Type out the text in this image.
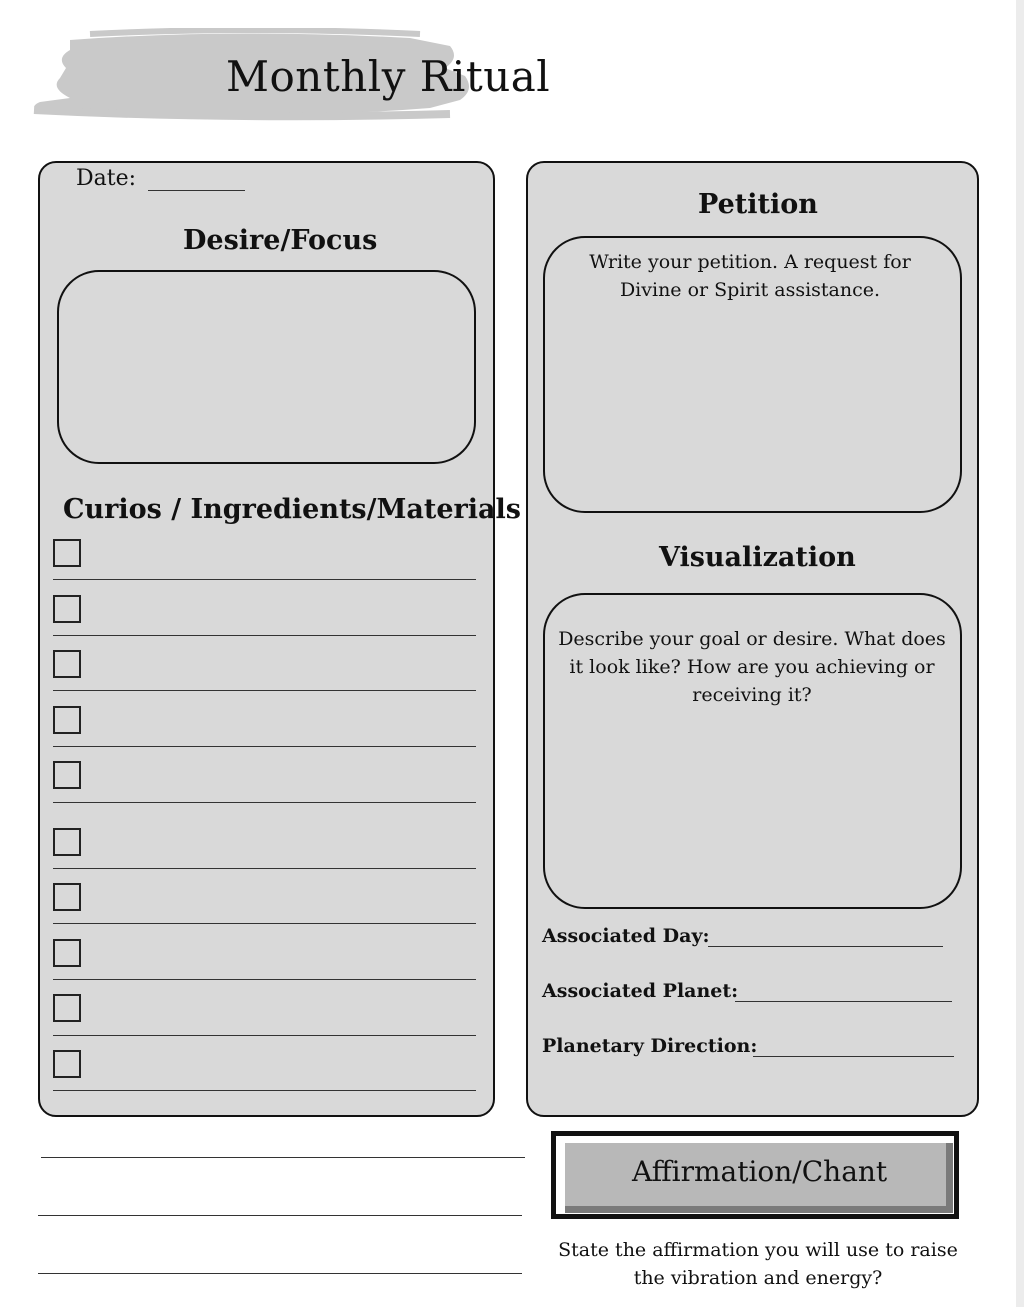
Monthly Ritual
Date:
Desire/Focus
Curios / Ingredients/Materials
Petition
Write your petition. A request for
Divine or Spirit assistance.
Visualization
Describe your goal or desire. What does
it look like? How are you achieving or
receiving it?
Associated Day:
Associated Planet:
Planetary Direction:
Affirmation/Chant
State the affirmation you will use to raise
the vibration and energy?
